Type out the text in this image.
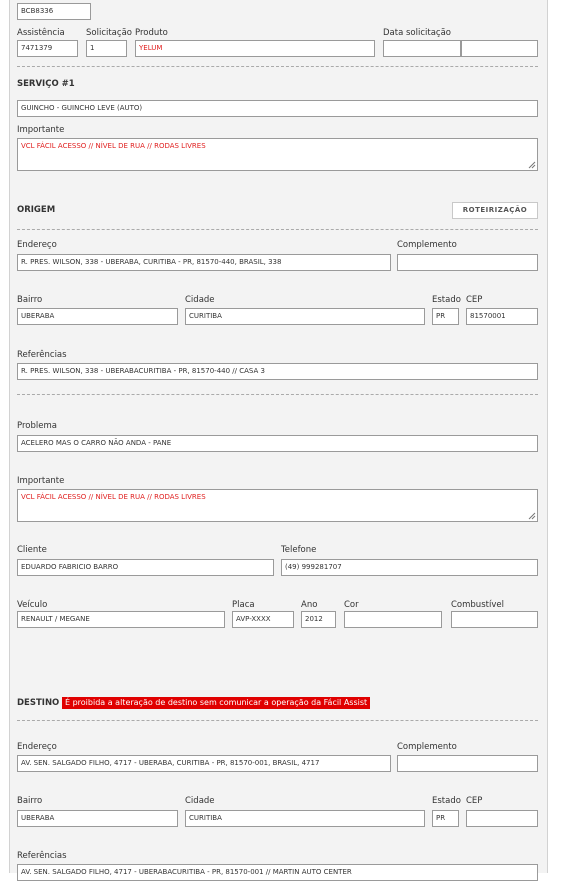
BCB8336
Assistência
7471379
Solicitação
1
Produto
YELUM
Data solicitação
SERVIÇO #1
GUINCHO - GUINCHO LEVE (AUTO)
Importante
VCL FÁCIL ACESSO // NÍVEL DE RUA // RODAS LIVRES
ORIGEM	ROTEIRIZAÇÃO
Endereço
R. PRES. WILSON, 338 - UBERABA, CURITIBA - PR, 81570-440, BRASIL, 338
Complemento
Bairro
UBERABA
Cidade
CURITIBA
Estado
PR
CEP
81570001
Referências
R. PRES. WILSON, 338 - UBERABACURITIBA - PR, 81570-440 // CASA 3
Problema
ACELERO MAS O CARRO NÃO ANDA - PANE
Importante
VCL FÁCIL ACESSO // NÍVEL DE RUA // RODAS LIVRES
Cliente
EDUARDO FABRICIO BARRO
Telefone
(49) 999281707
Veículo
RENAULT / MEGANE
Placa
AVP-XXXX
Ano
2012
Cor	Combustível
DESTINO É proibida a alteração de destino sem comunicar a operação da Fácil Assist
Endereço
AV. SEN. SALGADO FILHO, 4717 - UBERABA, CURITIBA - PR, 81570-001, BRASIL, 4717
Complemento
Bairro
UBERABA
Cidade
CURITIBA
Estado
PR
CEP
Referências
AV. SEN. SALGADO FILHO, 4717 - UBERABACURITIBA - PR, 81570-001 // MARTIN AUTO CENTER
